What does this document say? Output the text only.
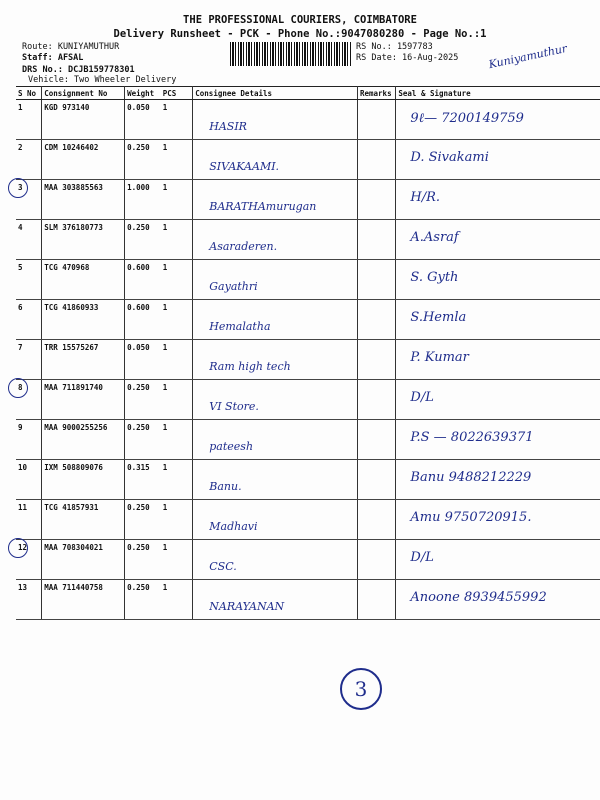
THE PROFESSIONAL COURIERS, COIMBATORE
Delivery Runsheet - PCK - Phone No.:9047080280 - Page No.:1
Route: KUNIYAMUTHUR
Staff: AFSAL
DRS No.: DCJB159778301
Vehicle: Two Wheeler Delivery
RS No.: 1597783
RS Date: 16-Aug-2025	Kuniyamuthur
S No	Consignment No	Weight	PCS	Consignee Details	Remarks	Seal & Signature
1	KGD 973140	0.050	1	HASIR		9ℓ— 7200149759

2	CDM 10246402	0.250	1	SIVAKAAMI.		D. Sivakami

3	MAA 303885563	1.000	1	BARATHAmurugan		H/R.

4	SLM 376180773	0.250	1	Asaraderen.		A.Asraf

5	TCG 470968	0.600	1	Gayathri		S. Gyth

6	TCG 41860933	0.600	1	Hemalatha		S.Hemla

7	TRR 15575267	0.050	1	Ram high tech		P. Kumar

8	MAA 711891740	0.250	1	VI Store.		D/L

9	MAA 9000255256	0.250	1	pateesh		P.S — 8022639371

10	IXM 508809076	0.315	1	Banu.		Banu 9488212229

11	TCG 41857931	0.250	1	Madhavi		Amu 9750720915.

12	MAA 708304021	0.250	1	CSC.		D/L

13	MAA 711440758	0.250	1	NARAYANAN		Anoone 8939455992
3
